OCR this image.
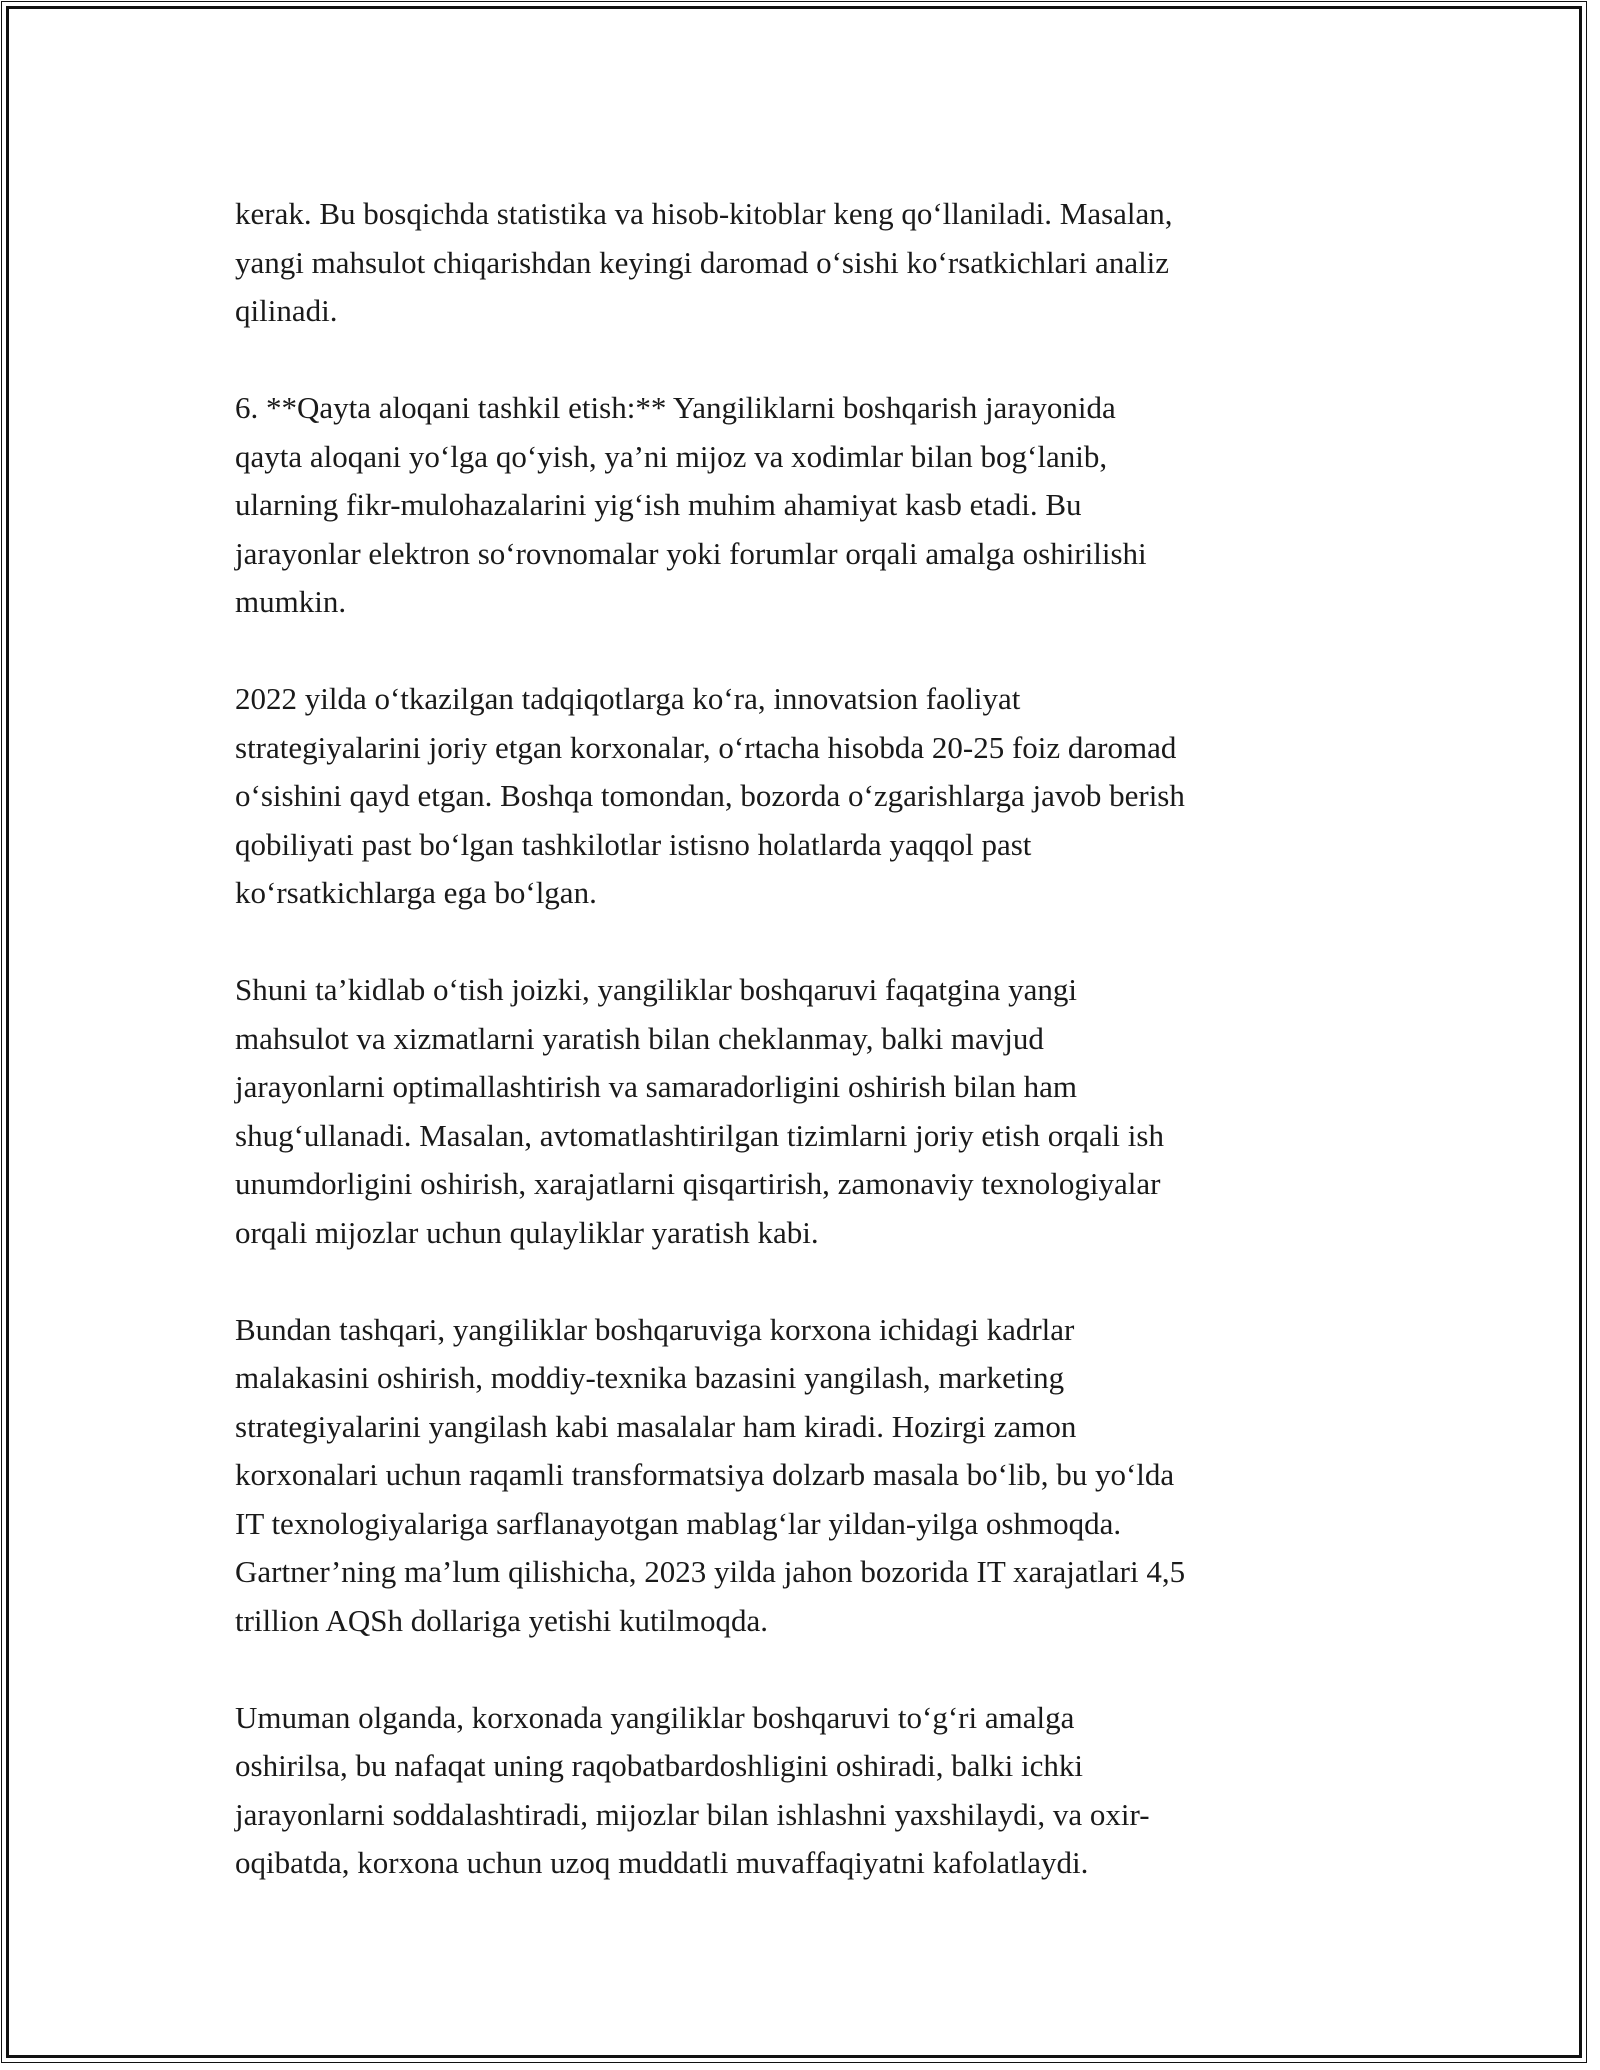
kerak. Bu bosqichda statistika va hisob-kitoblar keng qo‘llaniladi. Masalan,
yangi mahsulot chiqarishdan keyingi daromad o‘sishi ko‘rsatkichlari analiz
qilinadi.

6. **Qayta aloqani tashkil etish:** Yangiliklarni boshqarish jarayonida
qayta aloqani yo‘lga qo‘yish, ya’ni mijoz va xodimlar bilan bog‘lanib,
ularning fikr-mulohazalarini yig‘ish muhim ahamiyat kasb etadi. Bu
jarayonlar elektron so‘rovnomalar yoki forumlar orqali amalga oshirilishi
mumkin.

2022 yilda o‘tkazilgan tadqiqotlarga ko‘ra, innovatsion faoliyat
strategiyalarini joriy etgan korxonalar, o‘rtacha hisobda 20-25 foiz daromad
o‘sishini qayd etgan. Boshqa tomondan, bozorda o‘zgarishlarga javob berish
qobiliyati past bo‘lgan tashkilotlar istisno holatlarda yaqqol past
ko‘rsatkichlarga ega bo‘lgan.

Shuni ta’kidlab o‘tish joizki, yangiliklar boshqaruvi faqatgina yangi
mahsulot va xizmatlarni yaratish bilan cheklanmay, balki mavjud
jarayonlarni optimallashtirish va samaradorligini oshirish bilan ham
shug‘ullanadi. Masalan, avtomatlashtirilgan tizimlarni joriy etish orqali ish
unumdorligini oshirish, xarajatlarni qisqartirish, zamonaviy texnologiyalar
orqali mijozlar uchun qulayliklar yaratish kabi.

Bundan tashqari, yangiliklar boshqaruviga korxona ichidagi kadrlar
malakasini oshirish, moddiy-texnika bazasini yangilash, marketing
strategiyalarini yangilash kabi masalalar ham kiradi. Hozirgi zamon
korxonalari uchun raqamli transformatsiya dolzarb masala bo‘lib, bu yo‘lda
IT texnologiyalariga sarflanayotgan mablag‘lar yildan-yilga oshmoqda.
Gartner’ning ma’lum qilishicha, 2023 yilda jahon bozorida IT xarajatlari 4,5
trillion AQSh dollariga yetishi kutilmoqda.

Umuman olganda, korxonada yangiliklar boshqaruvi to‘g‘ri amalga
oshirilsa, bu nafaqat uning raqobatbardoshligini oshiradi, balki ichki
jarayonlarni soddalashtiradi, mijozlar bilan ishlashni yaxshilaydi, va oxir-
oqibatda, korxona uchun uzoq muddatli muvaffaqiyatni kafolatlaydi.
